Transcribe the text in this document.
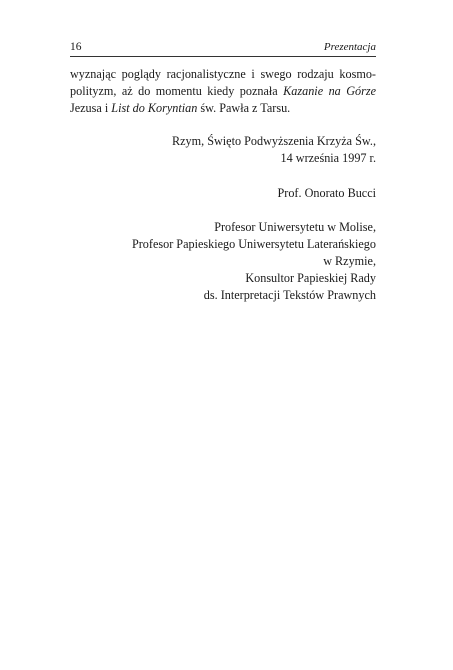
16	Prezentacja

wyznając poglądy racjonalistyczne i swego rodzaju kosmo-
polityzm, aż do momentu kiedy poznała Kazanie na Górze
Jezusa i List do Koryntian św. Pawła z Tarsu.

Rzym, Święto Podwyższenia Krzyża Św.,
14 września 1997 r.
Prof. Onorato Bucci
Profesor Uniwersytetu w Molise,
Profesor Papieskiego Uniwersytetu Laterańskiego
w Rzymie,
Konsultor Papieskiej Rady
ds. Interpretacji Tekstów Prawnych
